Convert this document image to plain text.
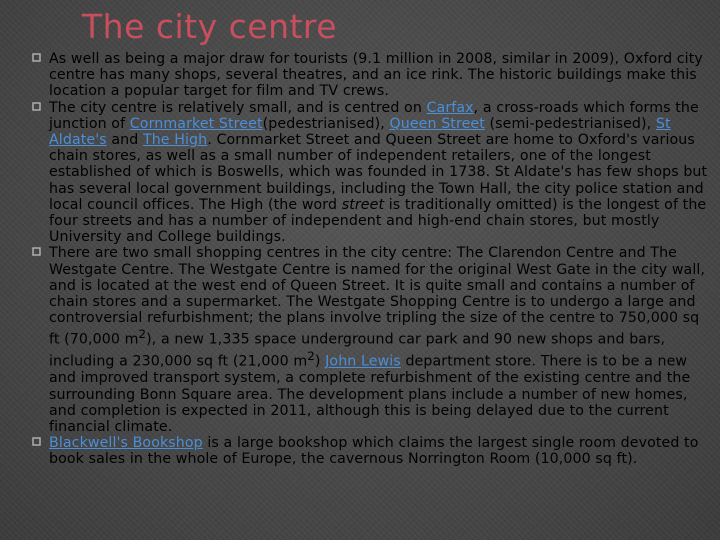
The city centre

As well as being a major draw for tourists (9.1 million in 2008, similar in 2009), Oxford city centre has many shops, several theatres, and an ice rink. The historic buildings make this location a popular target for film and TV crews.

The city centre is relatively small, and is centred on Carfax, a cross-roads which forms the junction of Cornmarket Street(pedestrianised), Queen Street (semi-pedestrianised), St Aldate's and The High. Cornmarket Street and Queen Street are home to Oxford's various chain stores, as well as a small number of independent retailers, one of the longest established of which is Boswells, which was founded in 1738. St Aldate's has few shops but has several local government buildings, including the Town Hall, the city police station and local council offices. The High (the word street is traditionally omitted) is the longest of the four streets and has a number of independent and high-end chain stores, but mostly University and College buildings.

There are two small shopping centres in the city centre: The Clarendon Centre and The Westgate Centre. The Westgate Centre is named for the original West Gate in the city wall, and is located at the west end of Queen Street. It is quite small and contains a number of chain stores and a supermarket. The Westgate Shopping Centre is to undergo a large and controversial refurbishment; the plans involve tripling the size of the centre to 750,000 sq ft (70,000 $m^2$), a new 1,335 space underground car park and 90 new shops and bars, including a 230,000 sq ft (21,000 $m^2$) John Lewis department store. There is to be a new and improved transport system, a complete refurbishment of the existing centre and the surrounding Bonn Square area. The development plans include a number of new homes, and completion is expected in 2011, although this is being delayed due to the current financial climate.

Blackwell's Bookshop is a large bookshop which claims the largest single room devoted to book sales in the whole of Europe, the cavernous Norrington Room (10,000 sq ft).
